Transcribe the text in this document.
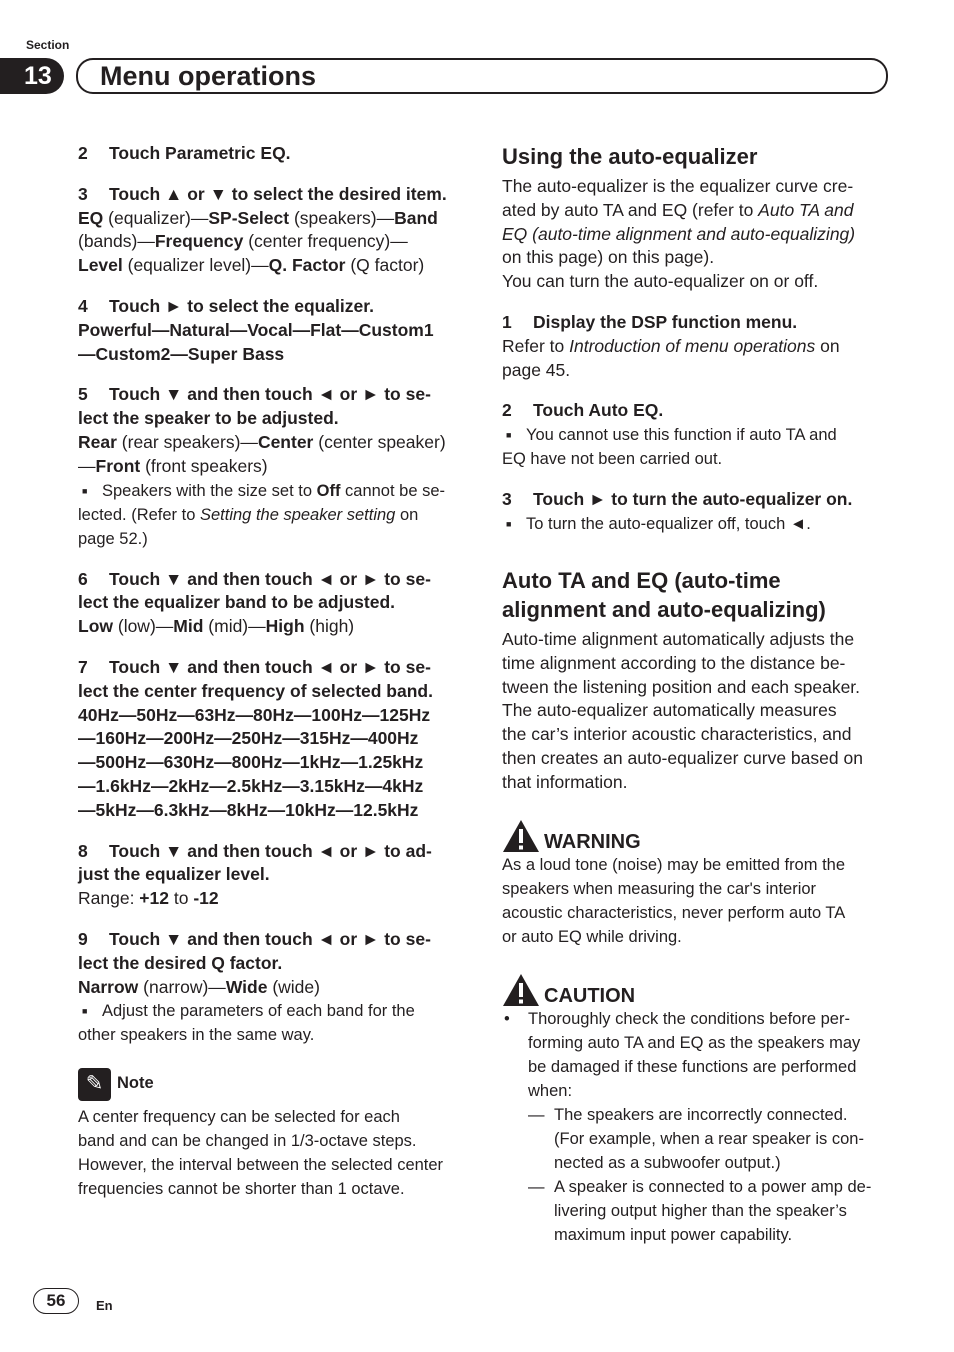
Section
13	Menu operations

2 Touch Parametric EQ.

3 Touch ▲ or ▼ to select the desired item.

EQ (equalizer)—SP-Select (speakers)—Band
(bands)—Frequency (center frequency)—
Level (equalizer level)—Q. Factor (Q factor)

4 Touch ► to select the equalizer.

Powerful—Natural—Vocal—Flat—Custom1
—Custom2—Super Bass

5 Touch ▼ and then touch ◄ or ► to se-
lect the speaker to be adjusted.

Rear (rear speakers)—Center (center speaker)
—Front (front speakers)

■ Speakers with the size set to Off cannot be se-
lected. (Refer to Setting the speaker setting on
page 52.)

6 Touch ▼ and then touch ◄ or ► to se-
lect the equalizer band to be adjusted.

Low (low)—Mid (mid)—High (high)

7 Touch ▼ and then touch ◄ or ► to se-
lect the center frequency of selected band.

40Hz—50Hz—63Hz—80Hz—100Hz—125Hz
—160Hz—200Hz—250Hz—315Hz—400Hz
—500Hz—630Hz—800Hz—1kHz—1.25kHz
—1.6kHz—2kHz—2.5kHz—3.15kHz—4kHz
—5kHz—6.3kHz—8kHz—10kHz—12.5kHz

8 Touch ▼ and then touch ◄ or ► to ad-
just the equalizer level.

Range: +12 to -12

9 Touch ▼ and then touch ◄ or ► to se-
lect the desired Q factor.

Narrow (narrow)—Wide (wide)

■ Adjust the parameters of each band for the
other speakers in the same way.

✎ Note

A center frequency can be selected for each
band and can be changed in 1/3-octave steps.
However, the interval between the selected center
frequencies cannot be shorter than 1 octave.

Using the auto-equalizer

The auto-equalizer is the equalizer curve cre-
ated by auto TA and EQ (refer to Auto TA and
EQ (auto-time alignment and auto-equalizing)
on this page) on this page).
You can turn the auto-equalizer on or off.

1 Display the DSP function menu.

Refer to Introduction of menu operations on
page 45.

2 Touch Auto EQ.

■ You cannot use this function if auto TA and
EQ have not been carried out.

3 Touch ► to turn the auto-equalizer on.

■ To turn the auto-equalizer off, touch ◄.

Auto TA and EQ (auto-time
alignment and auto-equalizing)

Auto-time alignment automatically adjusts the
time alignment according to the distance be-
tween the listening position and each speaker.
The auto-equalizer automatically measures
the car’s interior acoustic characteristics, and
then creates an auto-equalizer curve based on
that information.

WARNING

As a loud tone (noise) may be emitted from the
speakers when measuring the car's interior
acoustic characteristics, never perform auto TA
or auto EQ while driving.

CAUTION

• Thoroughly check the conditions before per-
forming auto TA and EQ as the speakers may
be damaged if these functions are performed
when:

— The speakers are incorrectly connected.
(For example, when a rear speaker is con-
nected as a subwoofer output.)

— A speaker is connected to a power amp de-
livering output higher than the speaker’s
maximum input power capability.

56	En
